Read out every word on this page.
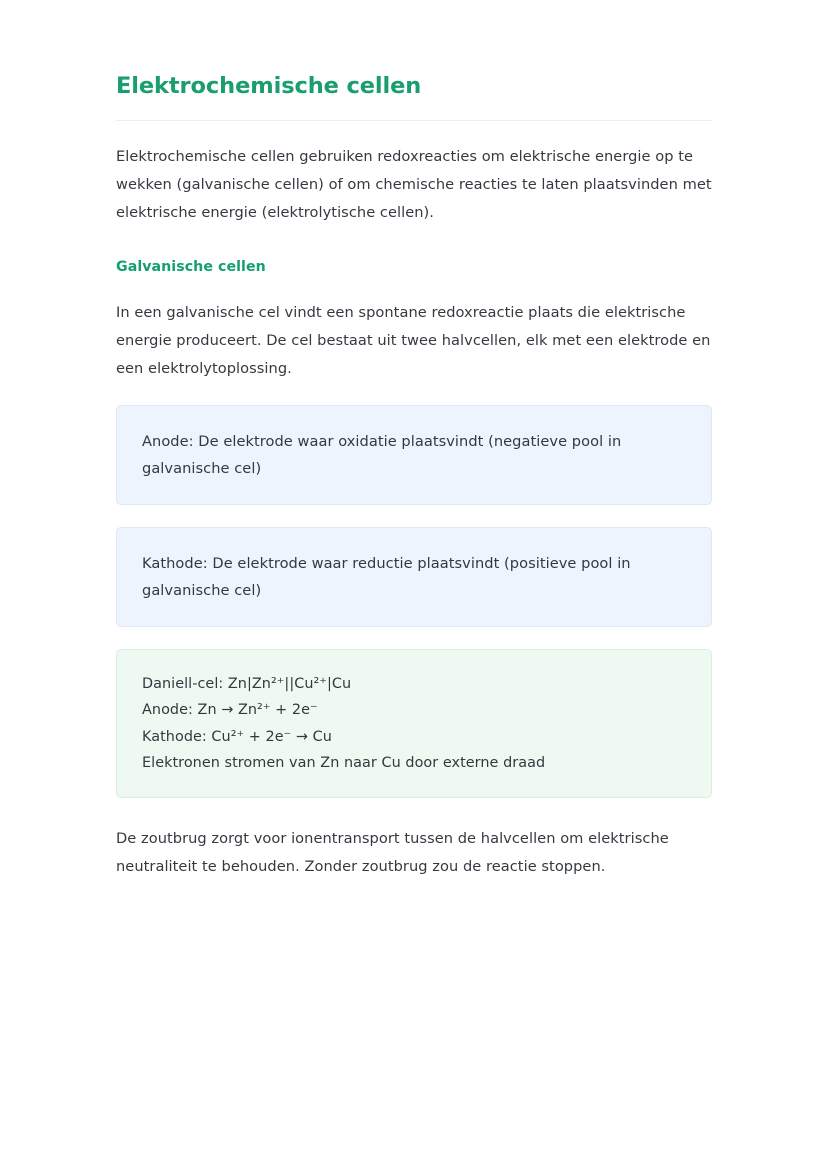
Elektrochemische cellen

Elektrochemische cellen gebruiken redoxreacties om elektrische energie op te wekken (galvanische cellen) of om chemische reacties te laten plaatsvinden met elektrische energie (elektrolytische cellen).

Galvanische cellen

In een galvanische cel vindt een spontane redoxreactie plaats die elektrische energie produceert. De cel bestaat uit twee halvcellen, elk met een elektrode en een elektrolytoplossing.

Anode: De elektrode waar oxidatie plaatsvindt (negatieve pool in galvanische cel)

Kathode: De elektrode waar reductie plaatsvindt (positieve pool in galvanische cel)

Daniell-cel: Zn|Zn²⁺||Cu²⁺|Cu

Anode: Zn → Zn²⁺ + 2e⁻

Kathode: Cu²⁺ + 2e⁻ → Cu

Elektronen stromen van Zn naar Cu door externe draad

De zoutbrug zorgt voor ionentransport tussen de halvcellen om elektrische neutraliteit te behouden. Zonder zoutbrug zou de reactie stoppen.
